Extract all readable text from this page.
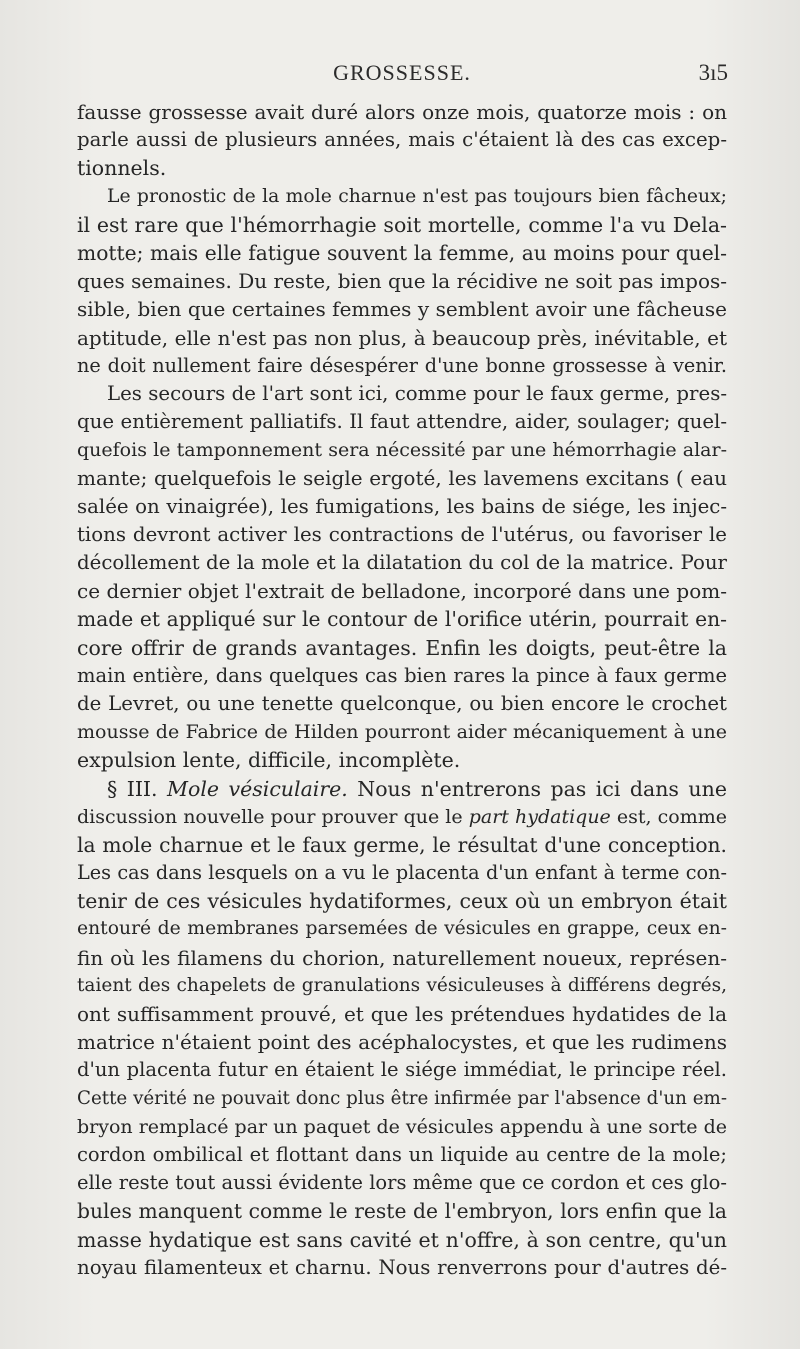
GROSSESSE.	3ı5
fausse grossesse avait duré alors onze mois, quatorze mois : on
parle aussi de plusieurs années, mais c'étaient là des cas excep-
tionnels.
Le pronostic de la mole charnue n'est pas toujours bien fâcheux;
il est rare que l'hémorrhagie soit mortelle, comme l'a vu Dela-
motte; mais elle fatigue souvent la femme, au moins pour quel-
ques semaines. Du reste, bien que la récidive ne soit pas impos-
sible, bien que certaines femmes y semblent avoir une fâcheuse
aptitude, elle n'est pas non plus, à beaucoup près, inévitable, et
ne doit nullement faire désespérer d'une bonne grossesse à venir.
Les secours de l'art sont ici, comme pour le faux germe, pres-
que entièrement palliatifs. Il faut attendre, aider, soulager; quel-
quefois le tamponnement sera nécessité par une hémorrhagie alar-
mante; quelquefois le seigle ergoté, les lavemens excitans ( eau
salée on vinaigrée), les fumigations, les bains de siége, les injec-
tions devront activer les contractions de l'utérus, ou favoriser le
décollement de la mole et la dilatation du col de la matrice. Pour
ce dernier objet l'extrait de belladone, incorporé dans une pom-
made et appliqué sur le contour de l'orifice utérin, pourrait en-
core offrir de grands avantages. Enfin les doigts, peut-être la
main entière, dans quelques cas bien rares la pince à faux germe
de Levret, ou une tenette quelconque, ou bien encore le crochet
mousse de Fabrice de Hilden pourront aider mécaniquement à une
expulsion lente, difficile, incomplète.
§ III. Mole vésiculaire. Nous n'entrerons pas ici dans une
discussion nouvelle pour prouver que le part hydatique est, comme
la mole charnue et le faux germe, le résultat d'une conception.
Les cas dans lesquels on a vu le placenta d'un enfant à terme con-
tenir de ces vésicules hydatiformes, ceux où un embryon était
entouré de membranes parsemées de vésicules en grappe, ceux en-
fin où les filamens du chorion, naturellement noueux, représen-
taient des chapelets de granulations vésiculeuses à différens degrés,
ont suffisamment prouvé, et que les prétendues hydatides de la
matrice n'étaient point des acéphalocystes, et que les rudimens
d'un placenta futur en étaient le siége immédiat, le principe réel.
Cette vérité ne pouvait donc plus être infirmée par l'absence d'un em-
bryon remplacé par un paquet de vésicules appendu à une sorte de
cordon ombilical et flottant dans un liquide au centre de la mole;
elle reste tout aussi évidente lors même que ce cordon et ces glo-
bules manquent comme le reste de l'embryon, lors enfin que la
masse hydatique est sans cavité et n'offre, à son centre, qu'un
noyau filamenteux et charnu. Nous renverrons pour d'autres dé-
